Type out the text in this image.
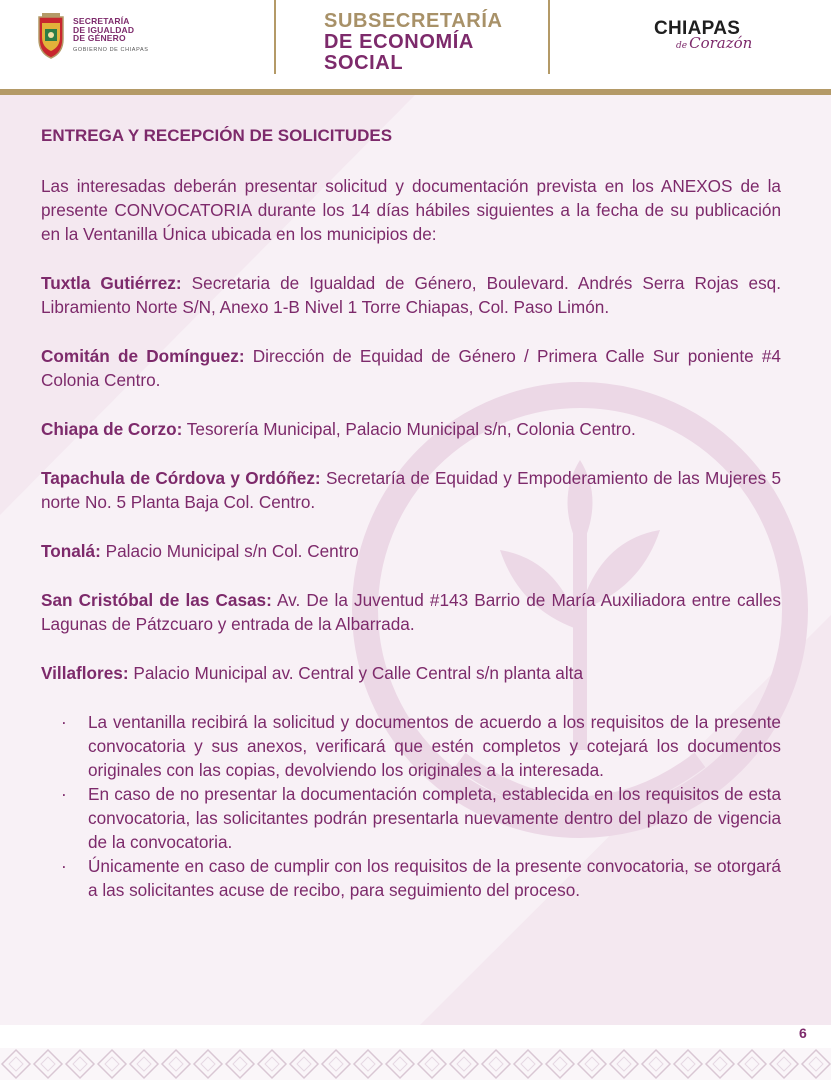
SECRETARÍA
DE IGUALDAD
DE GÉNERO
GOBIERNO DE CHIAPAS
SUBSECRETARÍA
DE ECONOMÍA
SOCIAL
CHIAPAS
de Corazón

ENTREGA Y RECEPCIÓN DE SOLICITUDES

Las interesadas deberán presentar solicitud y documentación prevista en los ANEXOS de la presente CONVOCATORIA durante los 14 días hábiles siguientes a la fecha de su publicación en la Ventanilla Única ubicada en los municipios de:

Tuxtla Gutiérrez: Secretaria de Igualdad de Género, Boulevard. Andrés Serra Rojas esq. Libramiento Norte S/N, Anexo 1-B Nivel 1 Torre Chiapas, Col. Paso Limón.

Comitán de Domínguez: Dirección de Equidad de Género / Primera Calle Sur poniente #4 Colonia Centro.

Chiapa de Corzo: Tesorería Municipal, Palacio Municipal s/n, Colonia Centro.

Tapachula de Córdova y Ordóñez: Secretaría de Equidad y Empoderamiento de las Mujeres 5 norte No. 5 Planta Baja Col. Centro.

Tonalá: Palacio Municipal s/n Col. Centro

San Cristóbal de las Casas: Av. De la Juventud #143 Barrio de María Auxiliadora entre calles Lagunas de Pátzcuaro y entrada de la Albarrada.

Villaflores: Palacio Municipal av. Central y Calle Central s/n planta alta

· La ventanilla recibirá la solicitud y documentos de acuerdo a los requisitos de la presente convocatoria y sus anexos, verificará que estén completos y cotejará los documentos originales con las copias, devolviendo los originales a la interesada.

· En caso de no presentar la documentación completa, establecida en los requisitos de esta convocatoria, las solicitantes podrán presentarla nuevamente dentro del plazo de vigencia de la convocatoria.

· Únicamente en caso de cumplir con los requisitos de la presente convocatoria, se otorgará a las solicitantes acuse de recibo, para seguimiento del proceso.

6
